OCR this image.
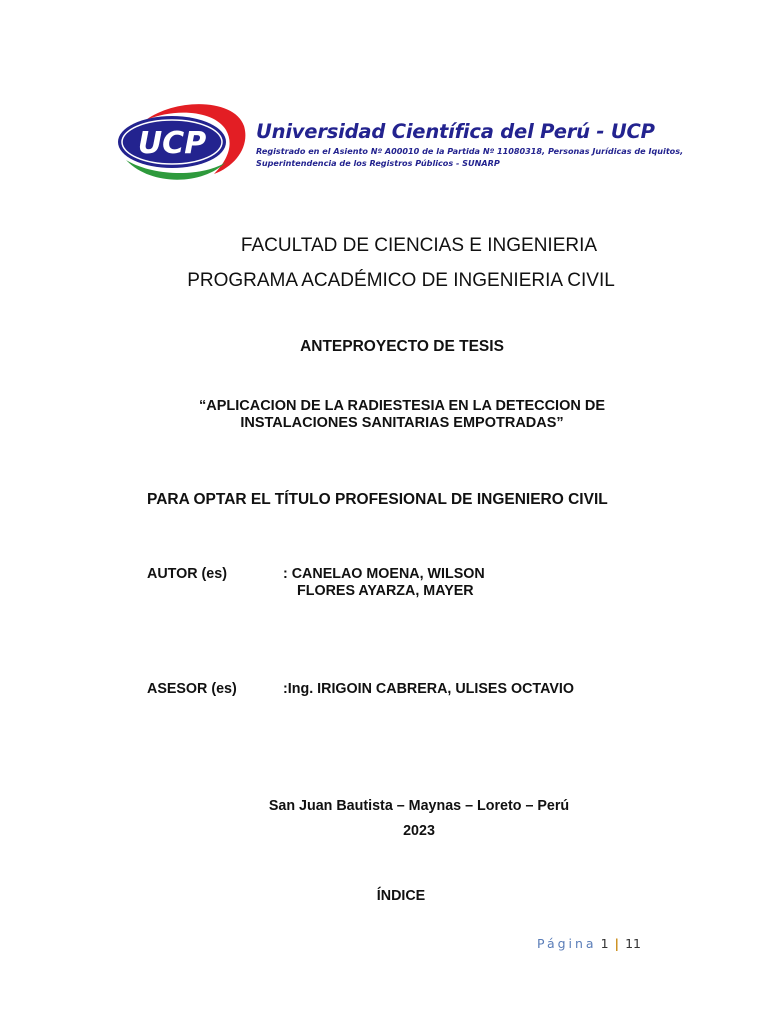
UCP	Universidad Científica del Perú - UCP
Registrado en el Asiento Nº A00010 de la Partida Nº 11080318, Personas Jurídicas de Iquitos,
Superintendencia de los Registros Públicos - SUNARP
FACULTAD DE CIENCIAS E INGENIERIA
PROGRAMA ACADÉMICO DE INGENIERIA CIVIL
ANTEPROYECTO DE TESIS
“APLICACION DE LA RADIESTESIA EN LA DETECCION DE INSTALACIONES SANITARIAS EMPOTRADAS”
PARA OPTAR EL TÍTULO PROFESIONAL DE INGENIERO CIVIL
AUTOR (es)	: CANELAO MOENA, WILSON
FLORES AYARZA, MAYER
ASESOR (es)	:Ing. IRIGOIN CABRERA, ULISES OCTAVIO
San Juan Bautista – Maynas – Loreto – Perú
2023
ÍNDICE
Página 1 | 11
